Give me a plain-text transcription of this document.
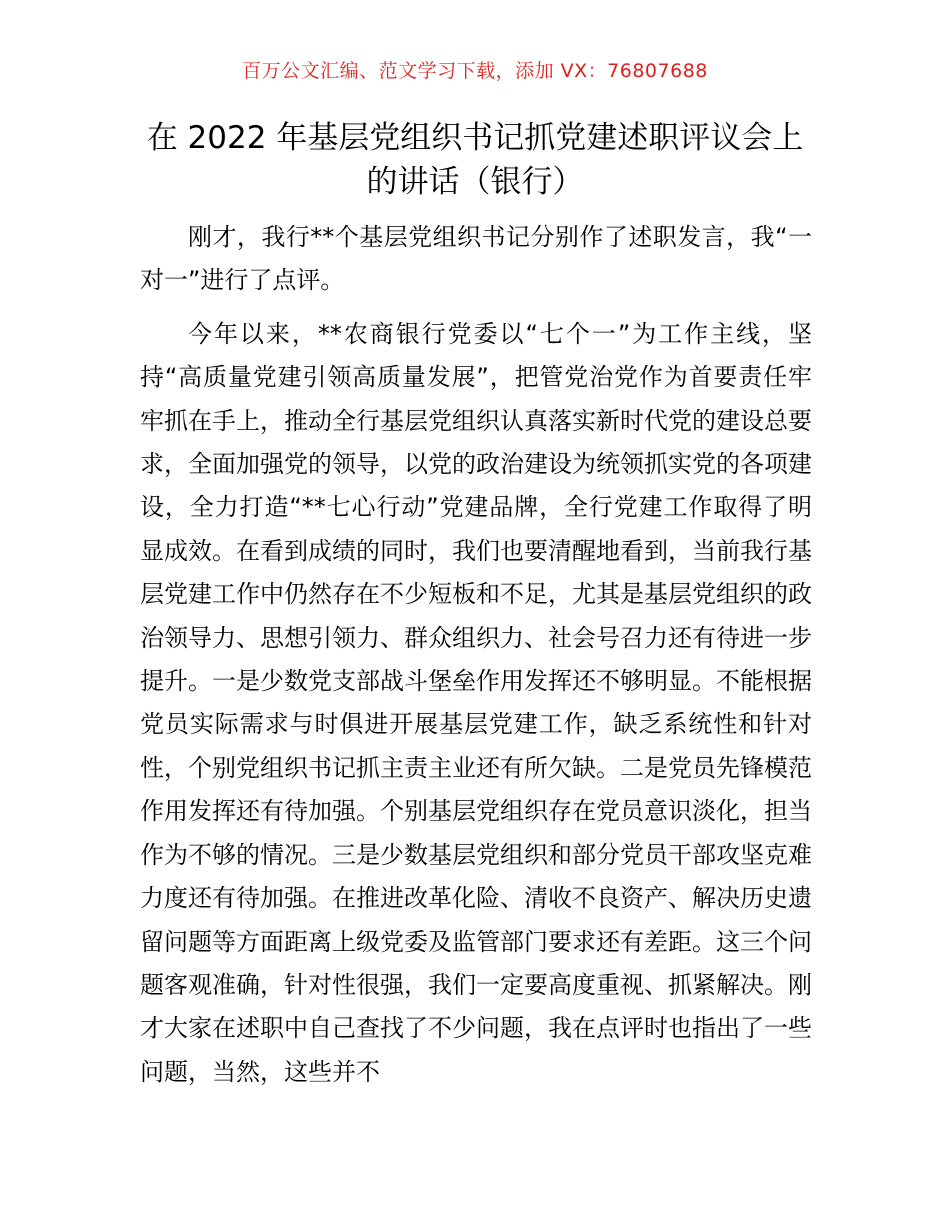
百万公文汇编、范文学习下载，添加 VX：76807688
在 2022 年基层党组织书记抓党建述职评议会上的讲话（银行）

刚才，我行**个基层党组织书记分别作了述职发言，我“一对一”进行了点评。

今年以来，**农商银行党委以“七个一”为工作主线，坚持“高质量党建引领高质量发展”，把管党治党作为首要责任牢牢抓在手上，推动全行基层党组织认真落实新时代党的建设总要求，全面加强党的领导，以党的政治建设为统领抓实党的各项建设，全力打造“**七心行动”党建品牌，全行党建工作取得了明显成效。在看到成绩的同时，我们也要清醒地看到，当前我行基层党建工作中仍然存在不少短板和不足，尤其是基层党组织的政治领导力、思想引领力、群众组织力、社会号召力还有待进一步提升。一是少数党支部战斗堡垒作用发挥还不够明显。不能根据党员实际需求与时俱进开展基层党建工作，缺乏系统性和针对性，个别党组织书记抓主责主业还有所欠缺。二是党员先锋模范作用发挥还有待加强。个别基层党组织存在党员意识淡化，担当作为不够的情况。三是少数基层党组织和部分党员干部攻坚克难力度还有待加强。在推进改革化险、清收不良资产、解决历史遗留问题等方面距离上级党委及监管部门要求还有差距。这三个问题客观准确，针对性很强，我们一定要高度重视、抓紧解决。刚才大家在述职中自己查找了不少问题，我在点评时也指出了一些问题，当然，这些并不
